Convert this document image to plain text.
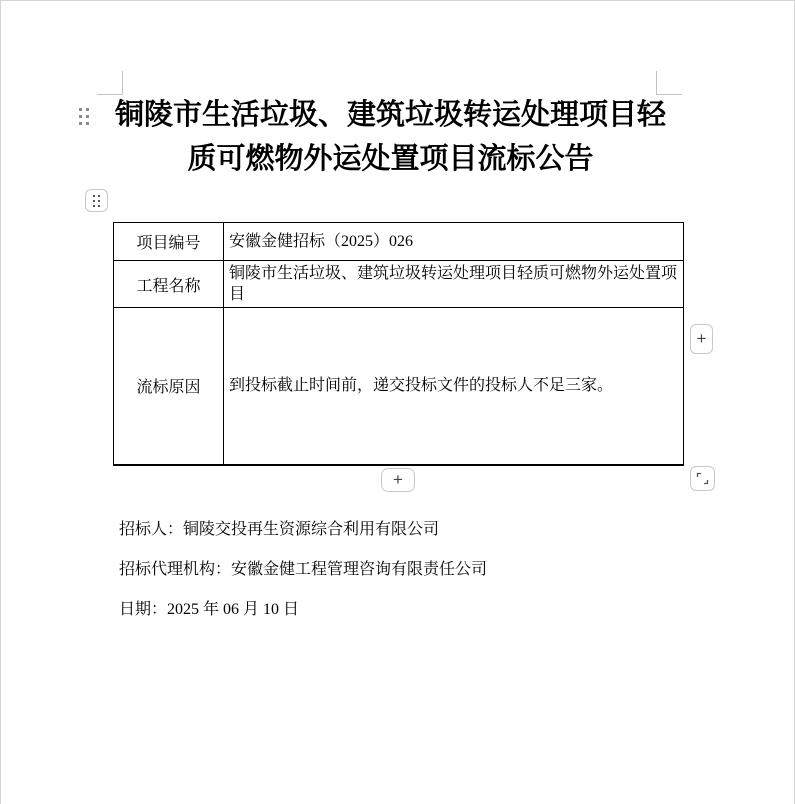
铜陵市生活垃圾、建筑垃圾转运处理项目轻
质可燃物外运处置项目流标公告
项目编号	安徽金健招标（2025）026
工程名称	铜陵市生活垃圾、建筑垃圾转运处理项目轻质可燃物外运处置项目
流标原因	到投标截止时间前，递交投标文件的投标人不足三家。
+
+
招标人：铜陵交投再生资源综合利用有限公司
招标代理机构：安徽金健工程管理咨询有限责任公司
日期：2025 年 06 月 10 日
